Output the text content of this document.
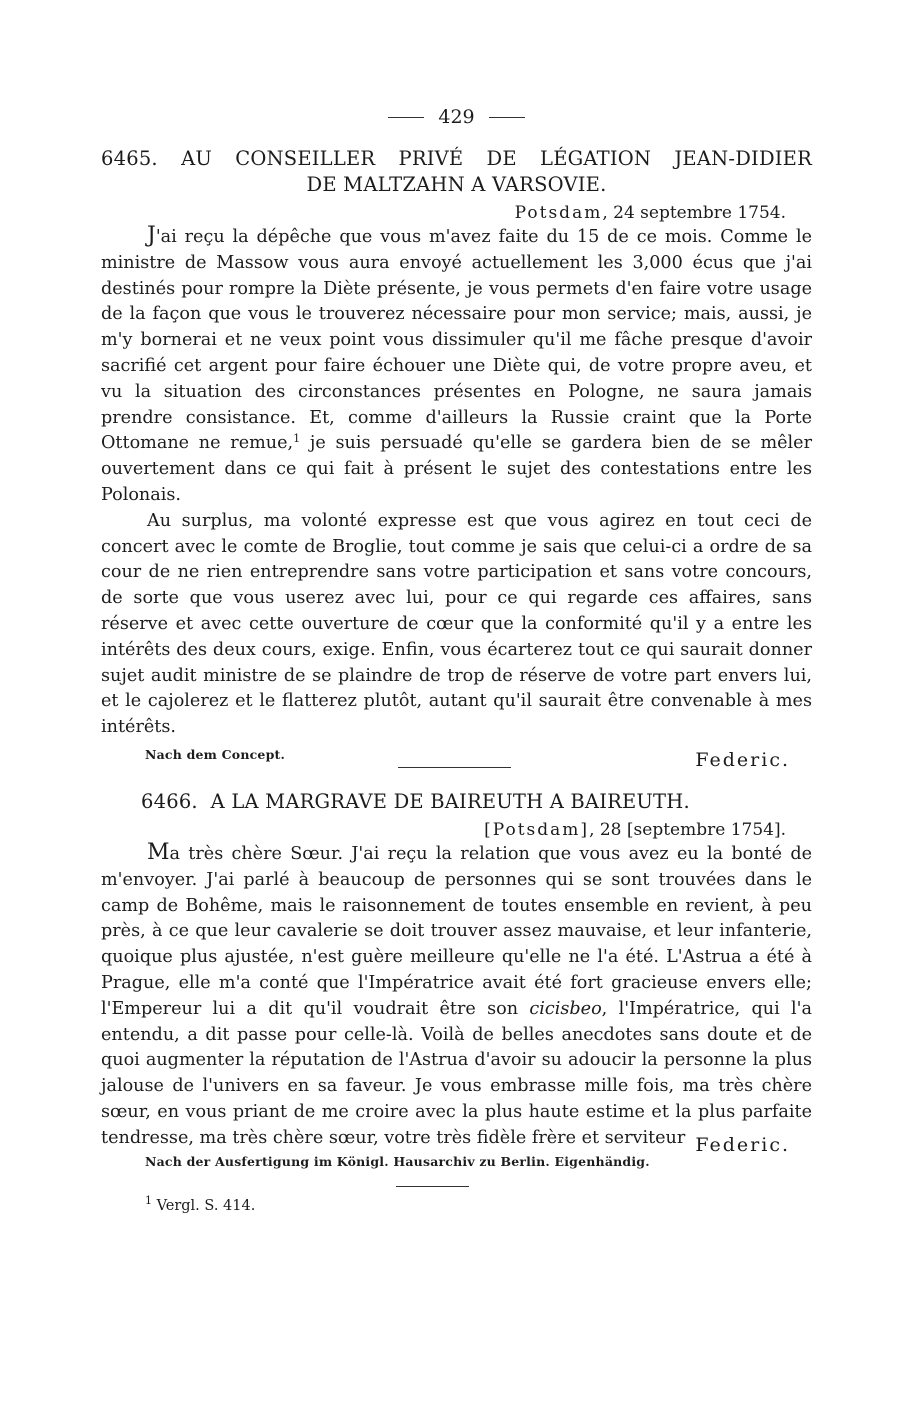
429
6465. AU CONSEILLER PRIVÉ DE LÉGATION JEAN-DIDIER
DE MALTZAHN A VARSOVIE.
Potsdam, 24 septembre 1754.

J'ai reçu la dépêche que vous m'avez faite du 15 de ce mois. Comme le ministre de Massow vous aura envoyé actuellement les 3,000 écus que j'ai destinés pour rompre la Diète présente, je vous permets d'en faire votre usage de la façon que vous le trouverez nécessaire pour mon service; mais, aussi, je m'y bornerai et ne veux point vous dissimuler qu'il me fâche presque d'avoir sacrifié cet argent pour faire échouer une Diète qui, de votre propre aveu, et vu la situation des circonstances présentes en Pologne, ne saura jamais prendre consistance. Et, comme d'ailleurs la Russie craint que la Porte Ottomane ne remue,$^1$ je suis persuadé qu'elle se gardera bien de se mêler ouvertement dans ce qui fait à présent le sujet des contestations entre les Polonais.

Au surplus, ma volonté expresse est que vous agirez en tout ceci de concert avec le comte de Broglie, tout comme je sais que celui-ci a ordre de sa cour de ne rien entreprendre sans votre participation et sans votre concours, de sorte que vous userez avec lui, pour ce qui regarde ces affaires, sans réserve et avec cette ouverture de cœur que la conformité qu'il y a entre les intérêts des deux cours, exige. Enfin, vous écarterez tout ce qui saurait donner sujet audit ministre de se plaindre de trop de réserve de votre part envers lui, et le cajolerez et le flatterez plutôt, autant qu'il saurait être convenable à mes intérêts.

Nach dem Concept.	Federic.
6466. A LA MARGRAVE DE BAIREUTH A BAIREUTH.
[Potsdam], 28 [septembre 1754].

Ma très chère Sœur. J'ai reçu la relation que vous avez eu la bonté de m'envoyer. J'ai parlé à beaucoup de personnes qui se sont trouvées dans le camp de Bohême, mais le raisonnement de toutes ensemble en revient, à peu près, à ce que leur cavalerie se doit trouver assez mauvaise, et leur infanterie, quoique plus ajustée, n'est guère meilleure qu'elle ne l'a été. L'Astrua a été à Prague, elle m'a conté que l'Impératrice avait été fort gracieuse envers elle; l'Empereur lui a dit qu'il voudrait être son cicisbeo, l'Impératrice, qui l'a entendu, a dit passe pour celle-là. Voilà de belles anecdotes sans doute et de quoi augmenter la réputation de l'Astrua d'avoir su adoucir la personne la plus jalouse de l'univers en sa faveur. Je vous embrasse mille fois, ma très chère sœur, en vous priant de me croire avec la plus haute estime et la plus parfaite tendresse, ma très chère sœur, votre très fidèle frère et serviteur Federic.
Nach der Ausfertigung im Königl. Hausarchiv zu Berlin. Eigenhändig.
$^1$ Vergl. S. 414.
